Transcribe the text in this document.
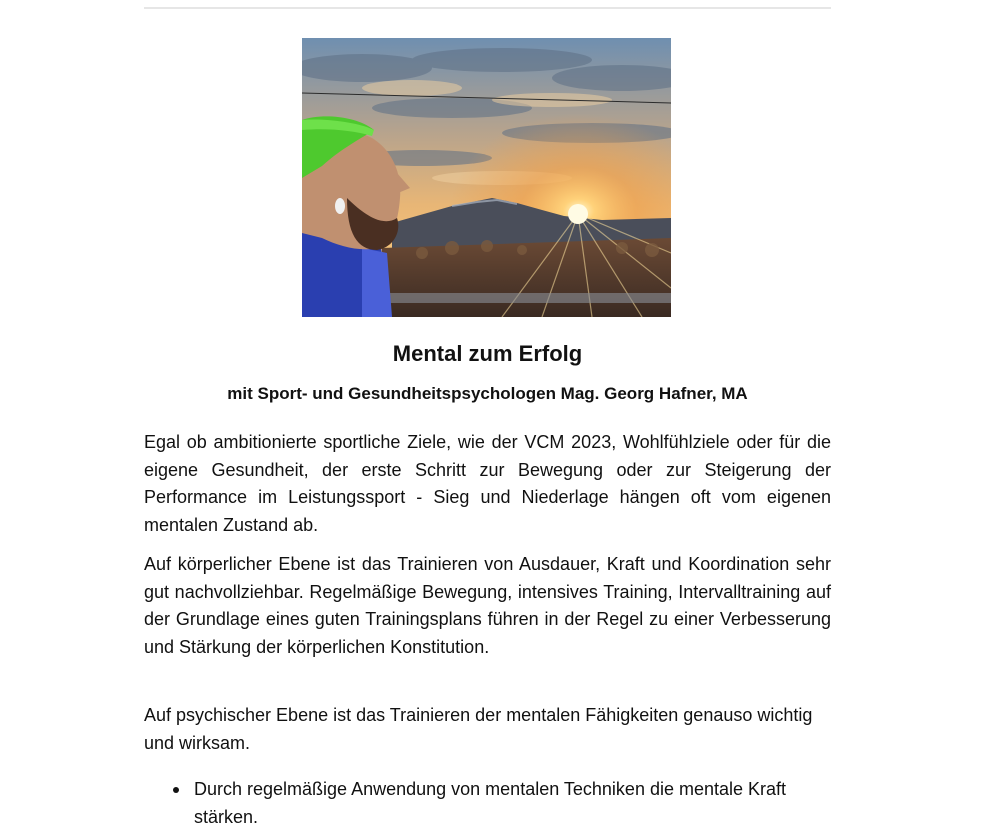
Mental zum Erfolg
mit Sport- und Gesundheitspsychologen Mag. Georg Hafner, MA

Egal ob ambitionierte sportliche Ziele, wie der VCM 2023, Wohlfühlziele oder für die eigene Gesundheit, der erste Schritt zur Bewegung oder zur Steigerung der Performance im Leistungssport - Sieg und Niederlage hängen oft vom eigenen mentalen Zustand ab.

Auf körperlicher Ebene ist das Trainieren von Ausdauer, Kraft und Koordination sehr gut nachvollziehbar. Regelmäßige Bewegung, intensives Training, Intervalltraining auf der Grundlage eines guten Trainingsplans führen in der Regel zu einer Verbesserung und Stärkung der körperlichen Konstitution.

Auf psychischer Ebene ist das Trainieren der mentalen Fähigkeiten genauso wichtig und wirksam.

Durch regelmäßige Anwendung von mentalen Techniken die mentale Kraft stärken.
